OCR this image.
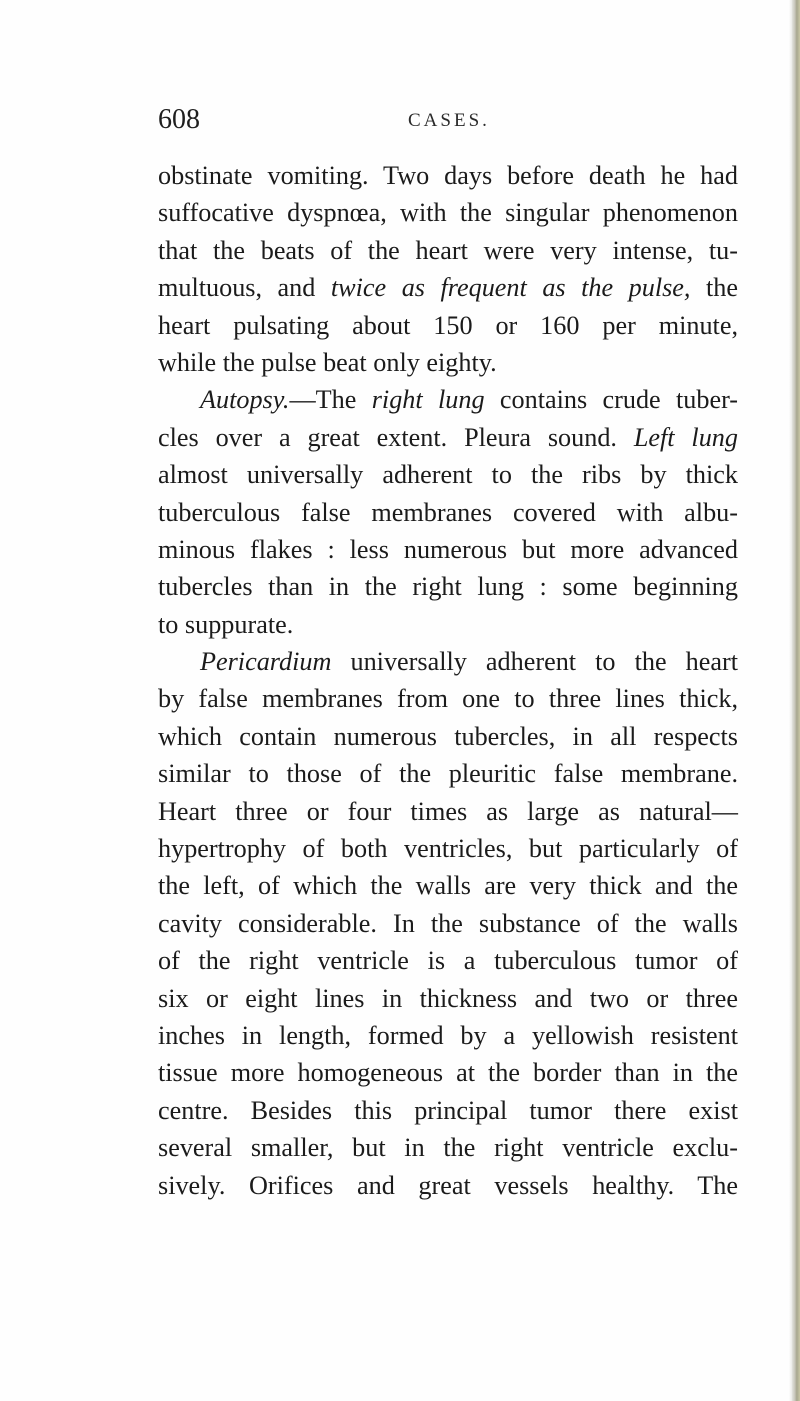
608	CASES.
obstinate vomiting. Two days before death he had
suffocative dyspnœa, with the singular phenomenon
that the beats of the heart were very intense, tu-
multuous, and twice as frequent as the pulse, the
heart pulsating about 150 or 160 per minute,
while the pulse beat only eighty.
Autopsy.—The right lung contains crude tuber-
cles over a great extent. Pleura sound. Left lung
almost universally adherent to the ribs by thick
tuberculous false membranes covered with albu-
minous flakes : less numerous but more advanced
tubercles than in the right lung : some beginning
to suppurate.
Pericardium universally adherent to the heart
by false membranes from one to three lines thick,
which contain numerous tubercles, in all respects
similar to those of the pleuritic false membrane.
Heart three or four times as large as natural—
hypertrophy of both ventricles, but particularly of
the left, of which the walls are very thick and the
cavity considerable. In the substance of the walls
of the right ventricle is a tuberculous tumor of
six or eight lines in thickness and two or three
inches in length, formed by a yellowish resistent
tissue more homogeneous at the border than in the
centre. Besides this principal tumor there exist
several smaller, but in the right ventricle exclu-
sively. Orifices and great vessels healthy. The
